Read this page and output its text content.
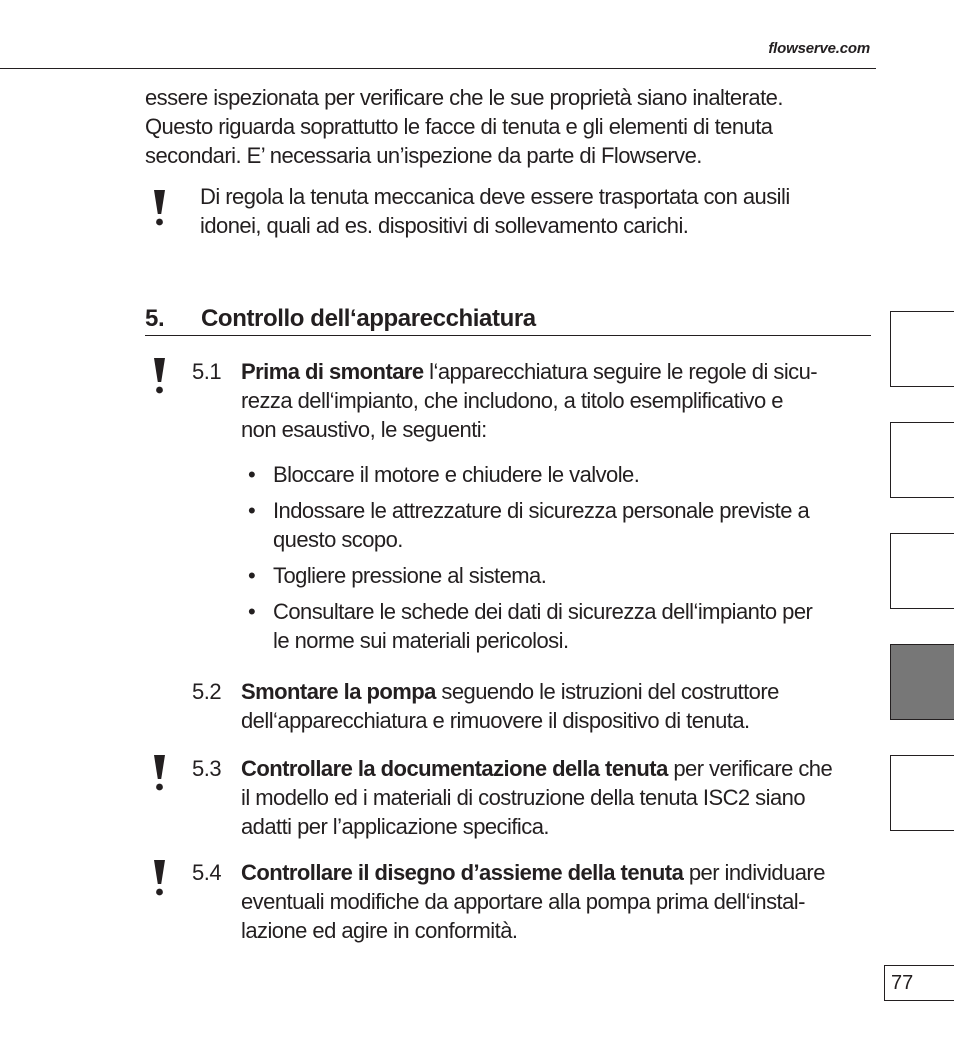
flowserve.com
essere ispezionata per verificare che le sue proprietà siano inalterate.
Questo riguarda soprattutto le facce di tenuta e gli elementi di tenuta
secondari. E’ necessaria un’ispezione da parte di Flowserve.
Di regola la tenuta meccanica deve essere trasportata con ausili
idonei, quali ad es. dispositivi di sollevamento carichi.
5. Controllo dell‘apparecchiatura
5.1 Prima di smontare l‘apparecchiatura seguire le regole di sicu-
rezza dell‘impianto, che includono, a titolo esemplificativo e
non esaustivo, le seguenti:
• Bloccare il motore e chiudere le valvole.
• Indossare le attrezzature di sicurezza personale previste a
questo scopo.
• Togliere pressione al sistema.
• Consultare le schede dei dati di sicurezza dell‘impianto per
le norme sui materiali pericolosi.
5.2 Smontare la pompa seguendo le istruzioni del costruttore
dell‘apparecchiatura e rimuovere il dispositivo di tenuta.
5.3 Controllare la documentazione della tenuta per verificare che
il modello ed i materiali di costruzione della tenuta ISC2 siano
adatti per l’applicazione specifica.
5.4 Controllare il disegno d’assieme della tenuta per individuare
eventuali modifiche da apportare alla pompa prima dell‘instal-
lazione ed agire in conformità.
77
